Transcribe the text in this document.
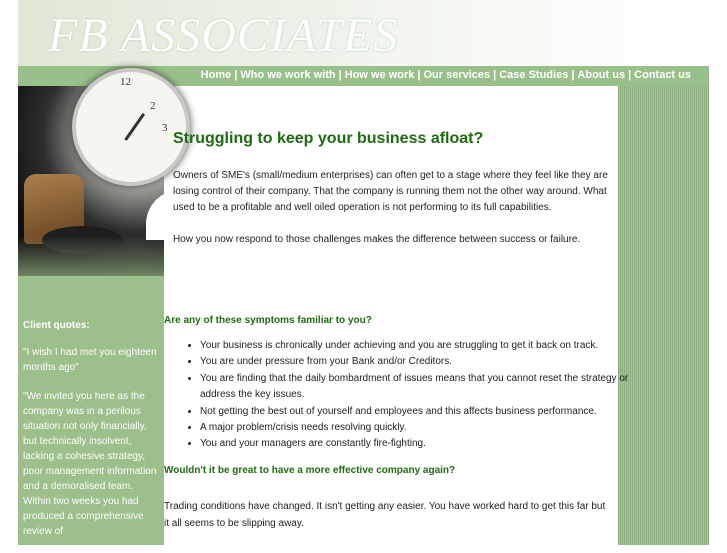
FB ASSOCIATES
Home | Who we work with | How we work | Our services | Case Studies | About us | Contact us
12
2
3
Client quotes:
"I wish I had met you eighteen months ago"
"We invited you here as the company was in a perilous situation not only financially, but technically insolvent, lacking a cohesive strategy, poor management information and a demoralised team. Within two weeks you had produced a comprehensive review of
Struggling to keep your business afloat?

Owners of SME's (small/medium enterprises) can often get to a stage where they feel like they are losing control of their company. That the company is running them not the other way around. What used to be a profitable and well oiled operation is not performing to its full capabilities.

How you now respond to those challenges makes the difference between success or failure.

Are any of these symptoms familiar to you?
• Your business is chronically under achieving and you are struggling to get it back on track.
• You are under pressure from your Bank and/or Creditors.
• You are finding that the daily bombardment of issues means that you cannot reset the strategy or address the key issues.
• Not getting the best out of yourself and employees and this affects business performance.
• A major problem/crisis needs resolving quickly.
• You and your managers are constantly fire-fighting.
Wouldn't it be great to have a more effective company again?

Trading conditions have changed. It isn't getting any easier. You have worked hard to get this far but it all seems to be slipping away.
